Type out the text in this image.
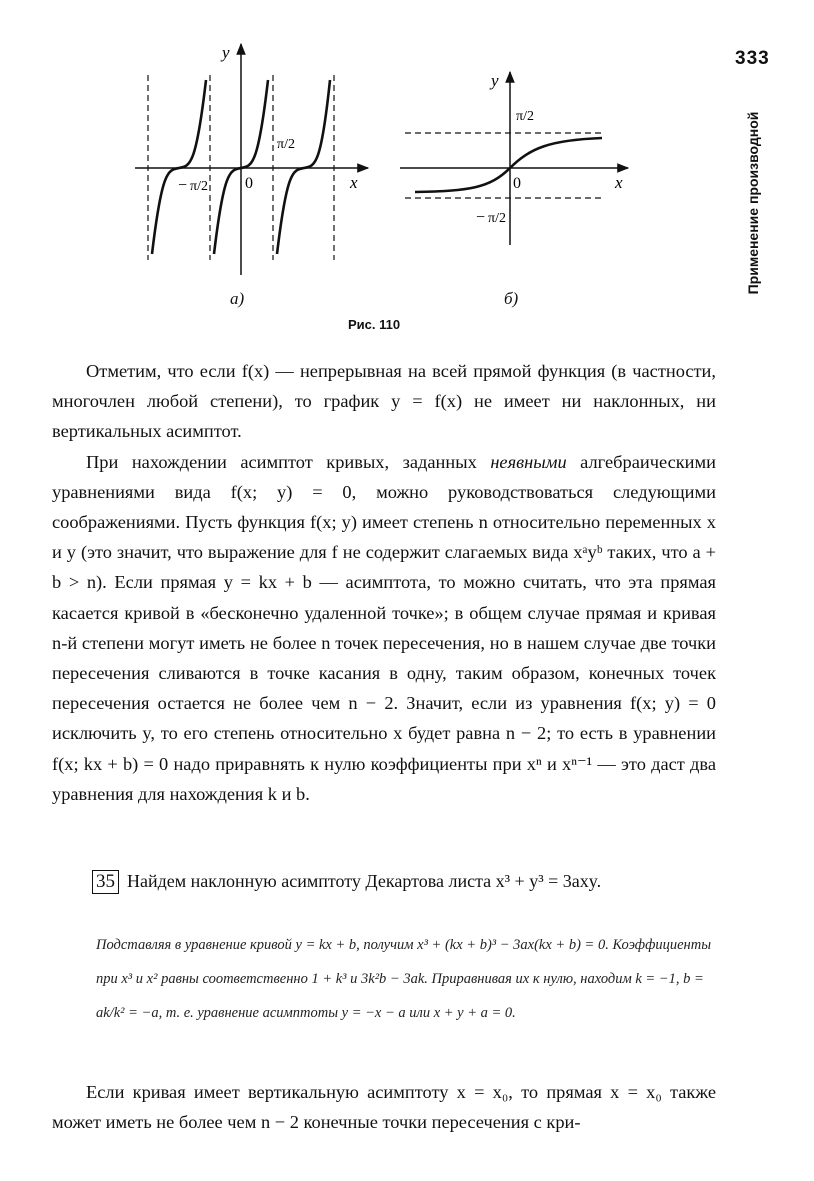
333
Применение производной
y
x
0
− π/2
π/2
y
x
0
π/2
− π/2
а)	б)
Рис. 110

Отметим, что если f(x) — непрерывная на всей прямой функция (в частности, многочлен любой степени), то график y = f(x) не имеет ни наклонных, ни вертикальных асимптот.

При нахождении асимптот кривых, заданных неявными алгебраическими уравнениями вида f(x; y) = 0, можно руководствоваться следующими соображениями. Пусть функция f(x; y) имеет степень n относительно переменных x и y (это значит, что выражение для f не содержит слагаемых вида xᵃyᵇ таких, что a + b > n). Если прямая y = kx + b — асимптота, то можно считать, что эта прямая касается кривой в «бесконечно удаленной точке»; в общем случае прямая и кривая n-й степени могут иметь не более n точек пересечения, но в нашем случае две точки пересечения сливаются в точке касания в одну, таким образом, конечных точек пересечения остается не более чем n − 2. Значит, если из уравнения f(x; y) = 0 исключить y, то его степень относительно x будет равна n − 2; то есть в уравнении f(x; kx + b) = 0 надо приравнять к нулю коэффициенты при xⁿ и xⁿ⁻¹ — это даст два уравнения для нахождения k и b.

35 Найдем наклонную асимптоту Декартова листа x³ + y³ = 3axy.
Подставляя в уравнение кривой y = kx + b, получим x³ + (kx + b)³ − 3ax(kx + b) = 0. Коэффициенты при x³ и x² равны соответственно 1 + k³ и 3k²b − 3ak. Приравнивая их к нулю, находим k = −1, b = ak/k² = −a, т. е. уравнение асимптоты y = −x − a или x + y + a = 0.

Если кривая имеет вертикальную асимптоту x = x₀, то прямая x = x₀ также может иметь не более чем n − 2 конечные точки пересечения с кри-
